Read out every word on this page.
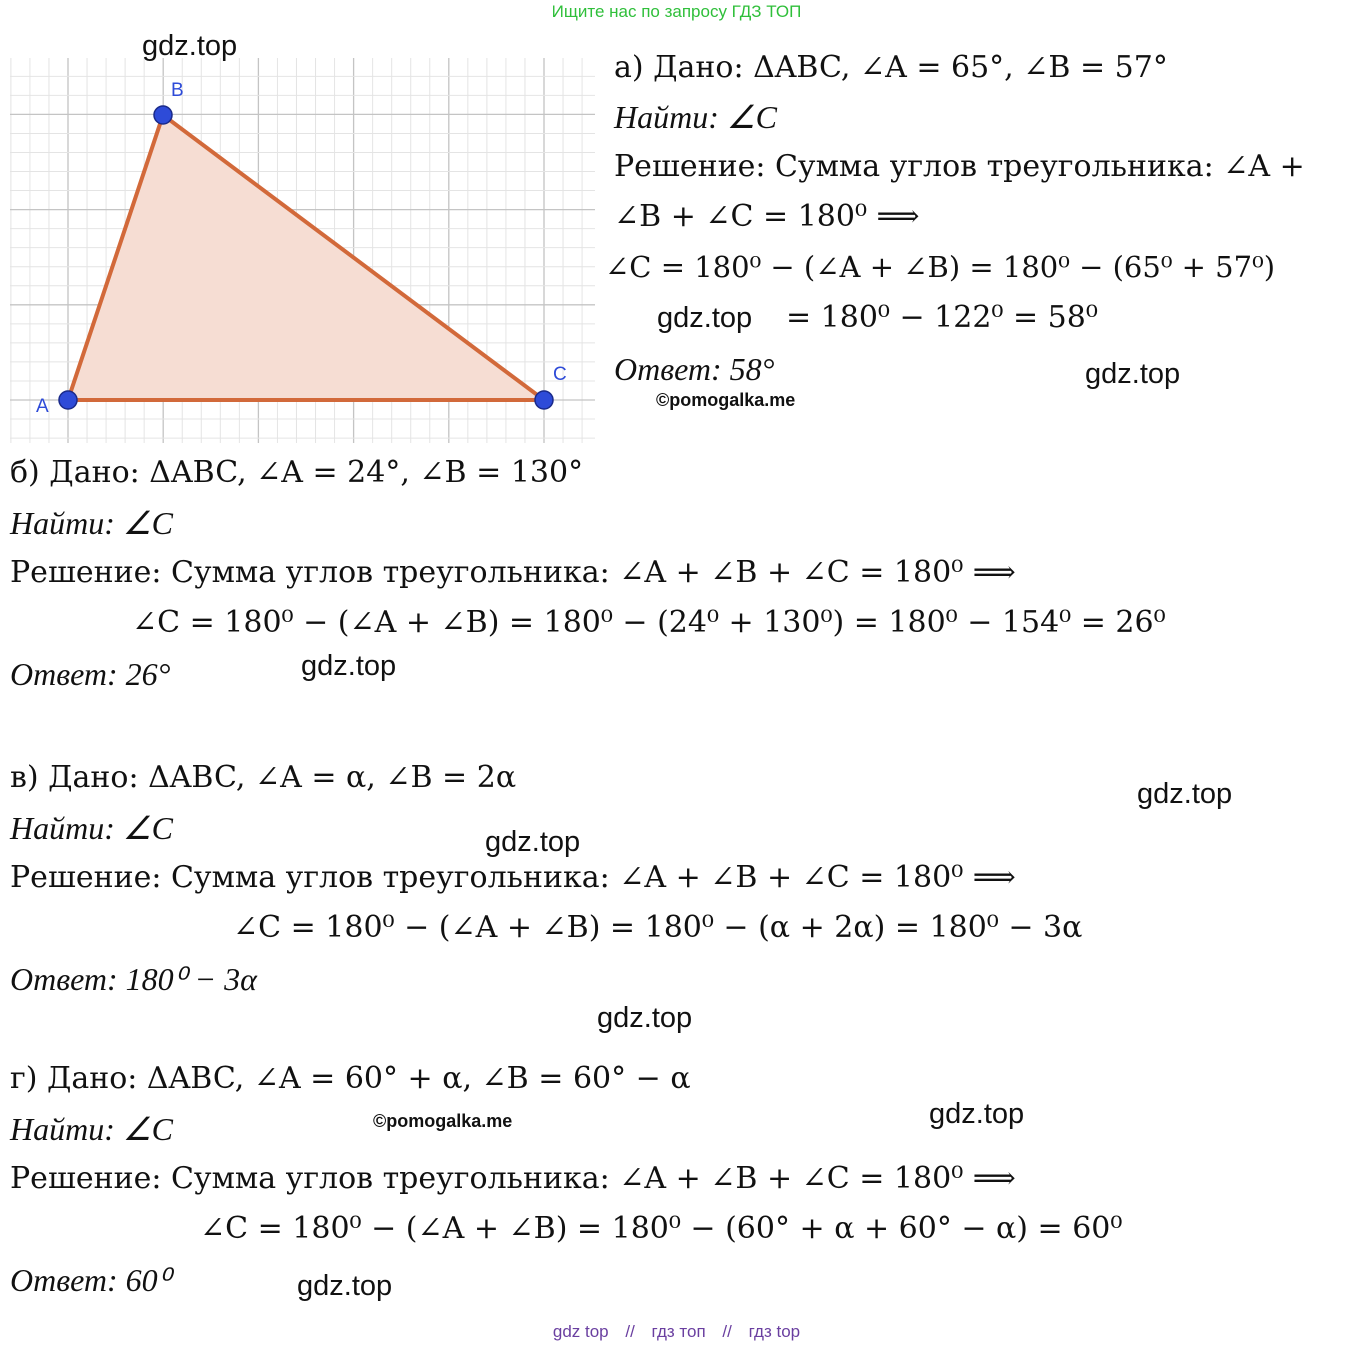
Ищите нас по запросу ГДЗ ТОП
A
B
C
gdz.top
gdz.top
gdz.top
gdz.top
gdz.top
gdz.top
gdz.top
gdz.top
gdz.top
©pomogalka.me
©pomogalka.me
а) Дано: ΔABC, ∠A = 65°, ∠B = 57°
Найти: ∠C
Решение: Сумма углов треугольника: ∠A +
∠B + ∠C = 180⁰ ⟹
∠C = 180⁰ − (∠A + ∠B) = 180⁰ − (65⁰ + 57⁰)
= 180⁰ − 122⁰ = 58⁰
Ответ: 58°
б) Дано: ΔABC, ∠A = 24°, ∠B = 130°
Найти: ∠C
Решение: Сумма углов треугольника: ∠A + ∠B + ∠C = 180⁰ ⟹
∠C = 180⁰ − (∠A + ∠B) = 180⁰ − (24⁰ + 130⁰) = 180⁰ − 154⁰ = 26⁰
Ответ: 26°
в) Дано: ΔABC, ∠A = α, ∠B = 2α
Найти: ∠C
Решение: Сумма углов треугольника: ∠A + ∠B + ∠C = 180⁰ ⟹
∠C = 180⁰ − (∠A + ∠B) = 180⁰ − (α + 2α) = 180⁰ − 3α
Ответ: 180⁰ − 3α
г) Дано: ΔABC, ∠A = 60° + α, ∠B = 60° − α
Найти: ∠C
Решение: Сумма углов треугольника: ∠A + ∠B + ∠C = 180⁰ ⟹
∠C = 180⁰ − (∠A + ∠B) = 180⁰ − (60° + α + 60° − α) = 60⁰
Ответ: 60⁰
gdz top // гдз топ // гдз top
